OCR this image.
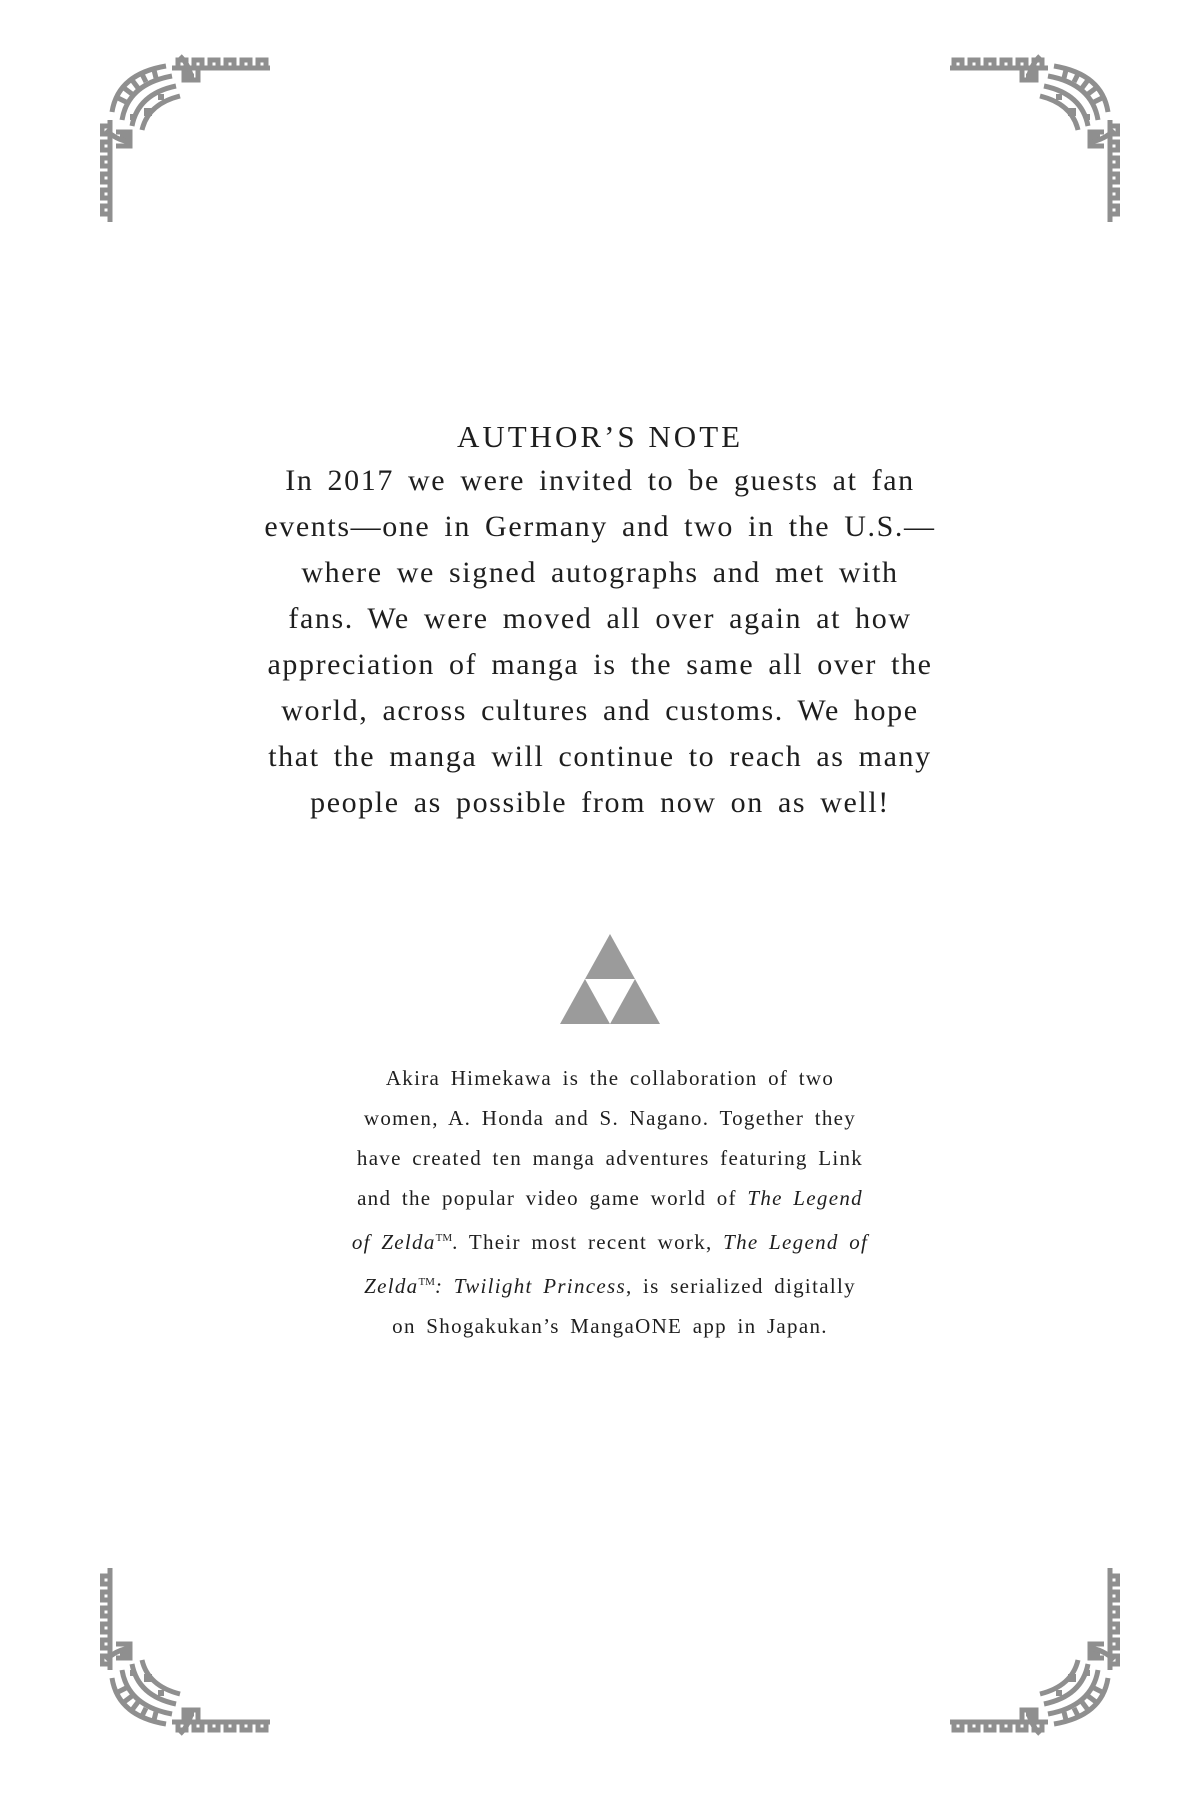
AUTHOR’S NOTE
In 2017 we were invited to be guests at fan
events—one in Germany and two in the U.S.—
where we signed autographs and met with
fans. We were moved all over again at how
appreciation of manga is the same all over the
world, across cultures and customs. We hope
that the manga will continue to reach as many
people as possible from now on as well!
Akira Himekawa is the collaboration of two
women, A. Honda and S. Nagano. Together they
have created ten manga adventures featuring Link
and the popular video game world of The Legend
of Zelda™. Their most recent work, The Legend of
Zelda™: Twilight Princess, is serialized digitally
on Shogakukan’s MangaONE app in Japan.
